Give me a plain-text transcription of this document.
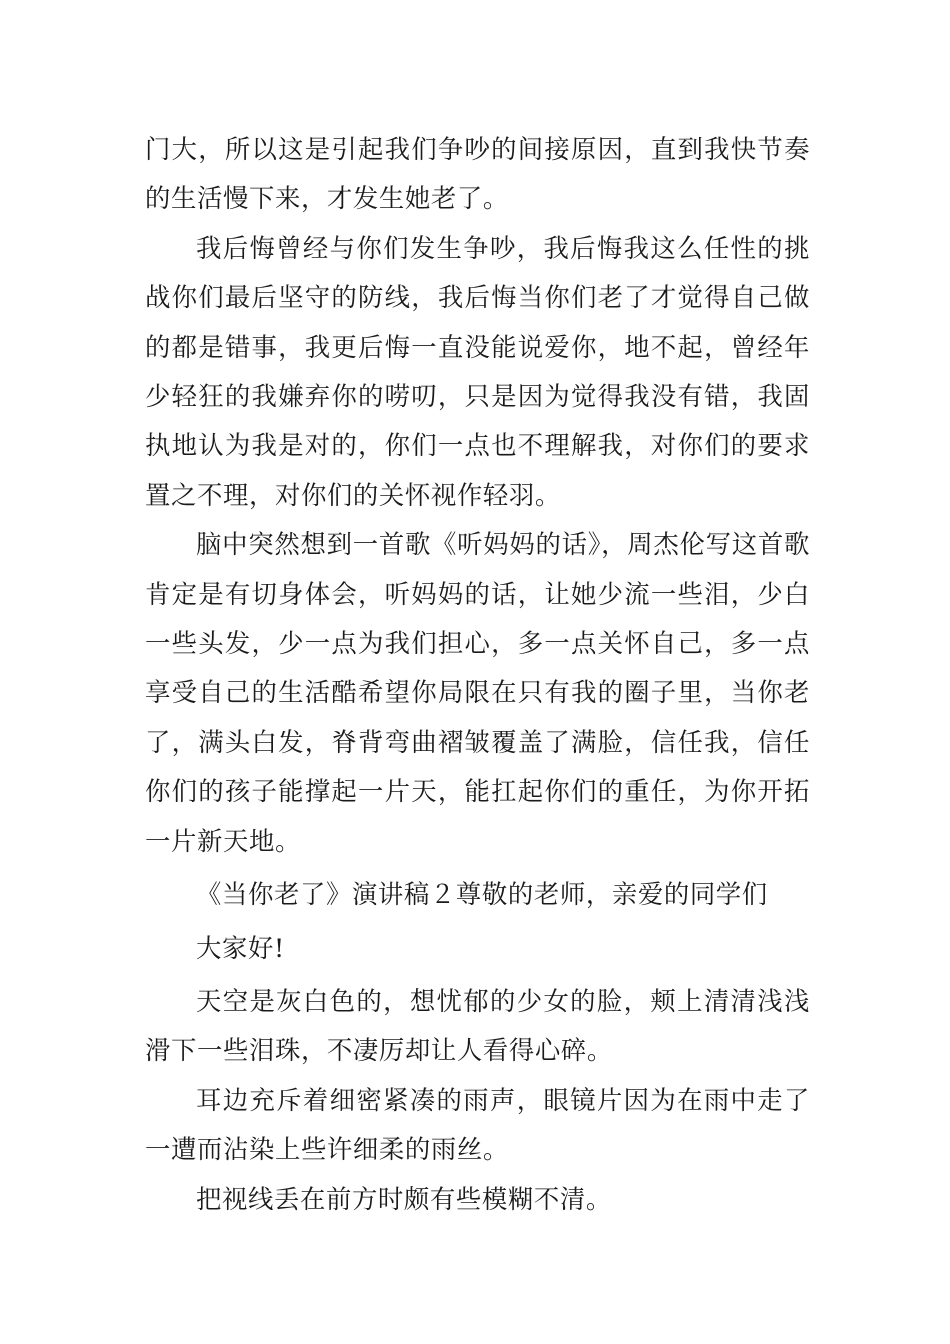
门大，所以这是引起我们争吵的间接原因，直到我快节奏的生活慢下来，才发生她老了。

我后悔曾经与你们发生争吵，我后悔我这么任性的挑战你们最后坚守的防线，我后悔当你们老了才觉得自己做的都是错事，我更后悔一直没能说爱你，地不起，曾经年少轻狂的我嫌弃你的唠叨，只是因为觉得我没有错，我固执地认为我是对的，你们一点也不理解我，对你们的要求置之不理，对你们的关怀视作轻羽。

脑中突然想到一首歌《听妈妈的话》，周杰伦写这首歌肯定是有切身体会，听妈妈的话，让她少流一些泪，少白一些头发，少一点为我们担心，多一点关怀自己，多一点享受自己的生活酷希望你局限在只有我的圈子里，当你老了，满头白发，脊背弯曲褶皱覆盖了满脸，信任我，信任你们的孩子能撑起一片天，能扛起你们的重任，为你开拓一片新天地。

《当你老了》演讲稿２尊敬的老师，亲爱的同学们

大家好!

天空是灰白色的，想忧郁的少女的脸，颊上清清浅浅滑下一些泪珠，不凄厉却让人看得心碎。

耳边充斥着细密紧凑的雨声，眼镜片因为在雨中走了一遭而沾染上些许细柔的雨丝。

把视线丢在前方时颇有些模糊不清。
